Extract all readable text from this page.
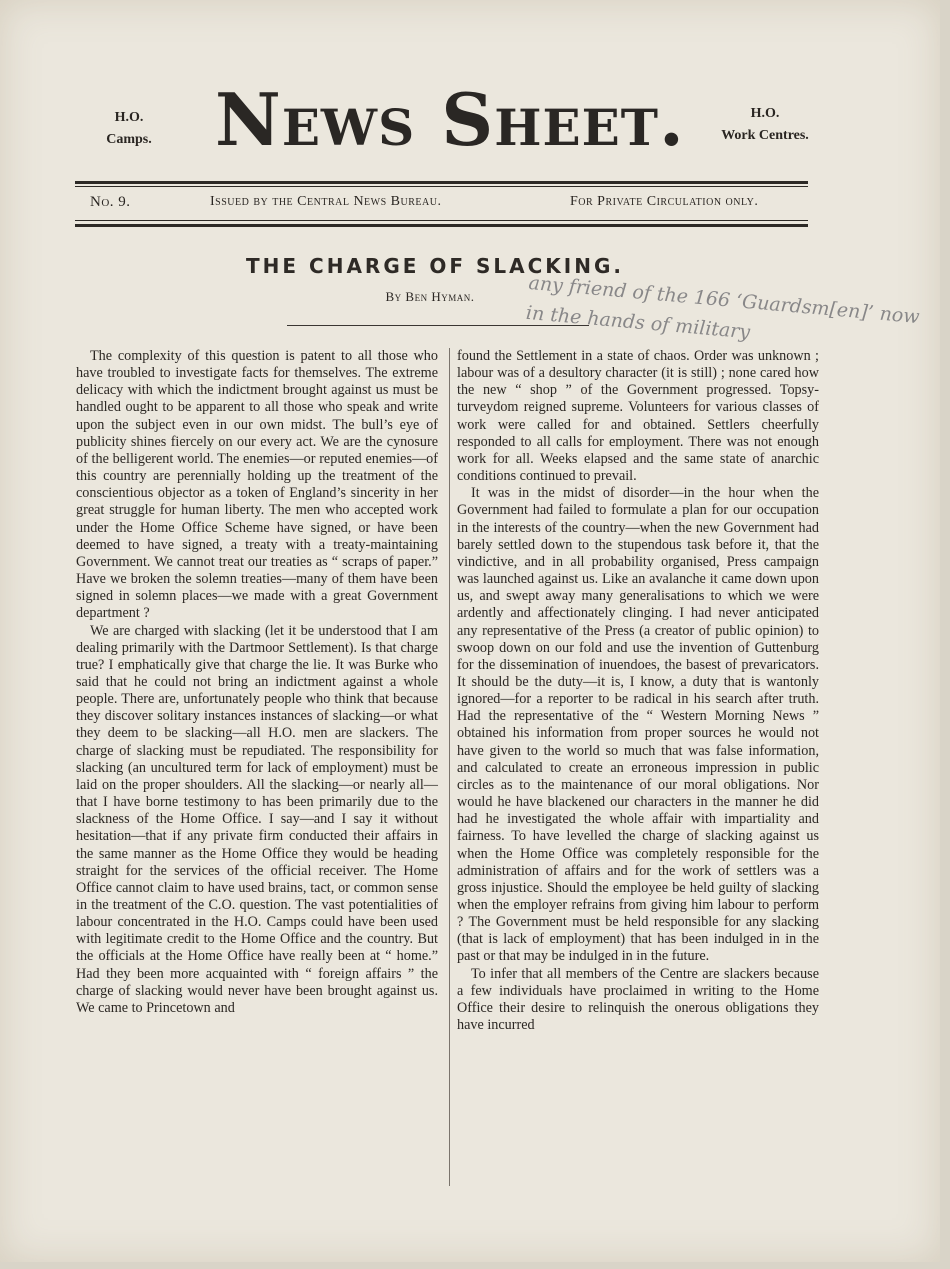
H.O.
Camps. News Sheet.	H.O.
Work Centres.
No. 9.	Issued by the Central News Bureau.	For Private Circulation only.
THE CHARGE OF SLACKING.
By Ben Hyman.	any friend of the 166 ‘Guardsm[en]’ now in the hands of military

The complexity of this question is patent to all those who have troubled to investigate facts for themselves. The extreme delicacy with which the indictment brought against us must be handled ought to be apparent to all those who speak and write upon the subject even in our own midst. The bull’s eye of publicity shines fiercely on our every act. We are the cynosure of the belligerent world. The enemies—or reputed enemies—of this country are perennially holding up the treatment of the conscientious objector as a token of England’s sincerity in her great struggle for human liberty. The men who accepted work under the Home Office Scheme have signed, or have been deemed to have signed, a treaty with a treaty-maintaining Government. We cannot treat our treaties as “ scraps of paper.” Have we broken the solemn treaties—many of them have been signed in solemn places—we made with a great Government department ?

We are charged with slacking (let it be understood that I am dealing primarily with the Dartmoor Settlement). Is that charge true? I emphatically give that charge the lie. It was Burke who said that he could not bring an indictment against a whole people. There are, unfortunately people who think that because they discover solitary instances instances of slacking—or what they deem to be slacking—all H.O. men are slackers. The charge of slacking must be repudiated. The responsibility for slacking (an uncultured term for lack of employment) must be laid on the proper shoulders. All the slacking—or nearly all—that I have borne testimony to has been primarily due to the slackness of the Home Office. I say—and I say it without hesitation—that if any private firm conducted their affairs in the same manner as the Home Office they would be heading straight for the services of the official receiver. The Home Office cannot claim to have used brains, tact, or common sense in the treatment of the C.O. question. The vast potentialities of labour concentrated in the H.O. Camps could have been used with legitimate credit to the Home Office and the country. But the officials at the Home Office have really been at “ home.” Had they been more acquainted with “ foreign affairs ” the charge of slacking would never have been brought against us. We came to Princetown and

found the Settlement in a state of chaos. Order was unknown ; labour was of a desultory character (it is still) ; none cared how the new “ shop ” of the Government progressed. Topsy-turveydom reigned supreme. Volunteers for various classes of work were called for and obtained. Settlers cheerfully responded to all calls for employment. There was not enough work for all. Weeks elapsed and the same state of anarchic conditions continued to prevail.

It was in the midst of disorder—in the hour when the Government had failed to formulate a plan for our occupation in the interests of the country—when the new Government had barely settled down to the stupendous task before it, that the vindictive, and in all probability organised, Press campaign was launched against us. Like an avalanche it came down upon us, and swept away many generalisations to which we were ardently and affectionately clinging. I had never anticipated any representative of the Press (a creator of public opinion) to swoop down on our fold and use the invention of Guttenburg for the dissemination of inuendoes, the basest of prevaricators. It should be the duty—it is, I know, a duty that is wantonly ignored—for a reporter to be radical in his search after truth. Had the representative of the “ Western Morning News ” obtained his information from proper sources he would not have given to the world so much that was false information, and calculated to create an erroneous impression in public circles as to the maintenance of our moral obligations. Nor would he have blackened our characters in the manner he did had he investigated the whole affair with impartiality and fairness. To have levelled the charge of slacking against us when the Home Office was completely responsible for the administration of affairs and for the work of settlers was a gross injustice. Should the employee be held guilty of slacking when the employer refrains from giving him labour to perform ? The Government must be held responsible for any slacking (that is lack of employment) that has been indulged in in the past or that may be indulged in in the future.

To infer that all members of the Centre are slackers because a few individuals have proclaimed in writing to the Home Office their desire to relinquish the onerous obligations they have incurred
